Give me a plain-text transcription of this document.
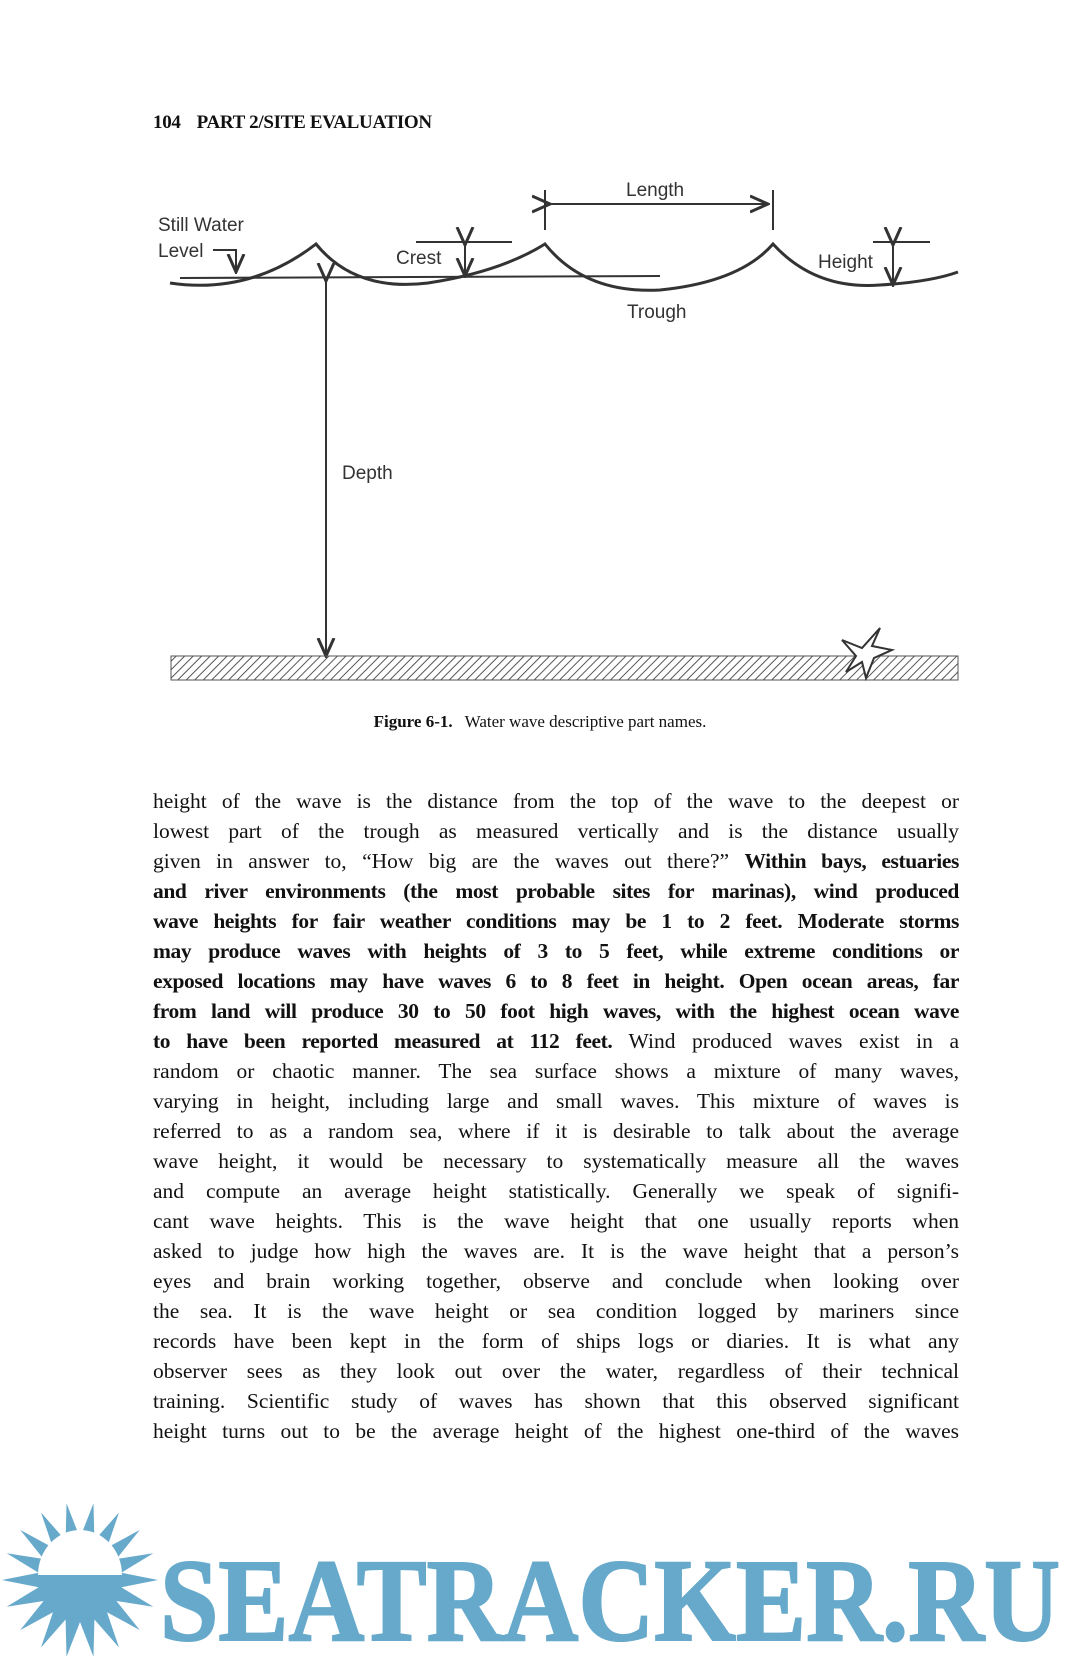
104 PART 2/SITE EVALUATION
Length
Still Water
Level	Crest	Height
Trough
Depth
Figure 6-1. Water wave descriptive part names.
height of the wave is the distance from the top of the wave to the deepest or
lowest part of the trough as measured vertically and is the distance usually
given in answer to, “How big are the waves out there?” Within bays, estuaries
and river environments (the most probable sites for marinas), wind produced
wave heights for fair weather conditions may be 1 to 2 feet. Moderate storms
may produce waves with heights of 3 to 5 feet, while extreme conditions or
exposed locations may have waves 6 to 8 feet in height. Open ocean areas, far
from land will produce 30 to 50 foot high waves, with the highest ocean wave
to have been reported measured at 112 feet. Wind produced waves exist in a
random or chaotic manner. The sea surface shows a mixture of many waves,
varying in height, including large and small waves. This mixture of waves is
referred to as a random sea, where if it is desirable to talk about the average
wave height, it would be necessary to systematically measure all the waves
and compute an average height statistically. Generally we speak of signifi-
cant wave heights. This is the wave height that one usually reports when
asked to judge how high the waves are. It is the wave height that a person’s
eyes and brain working together, observe and conclude when looking over
the sea. It is the wave height or sea condition logged by mariners since
records have been kept in the form of ships logs or diaries. It is what any
observer sees as they look out over the water, regardless of their technical
training. Scientific study of waves has shown that this observed significant
height turns out to be the average height of the highest one-third of the waves
SEATRACKER.RU
